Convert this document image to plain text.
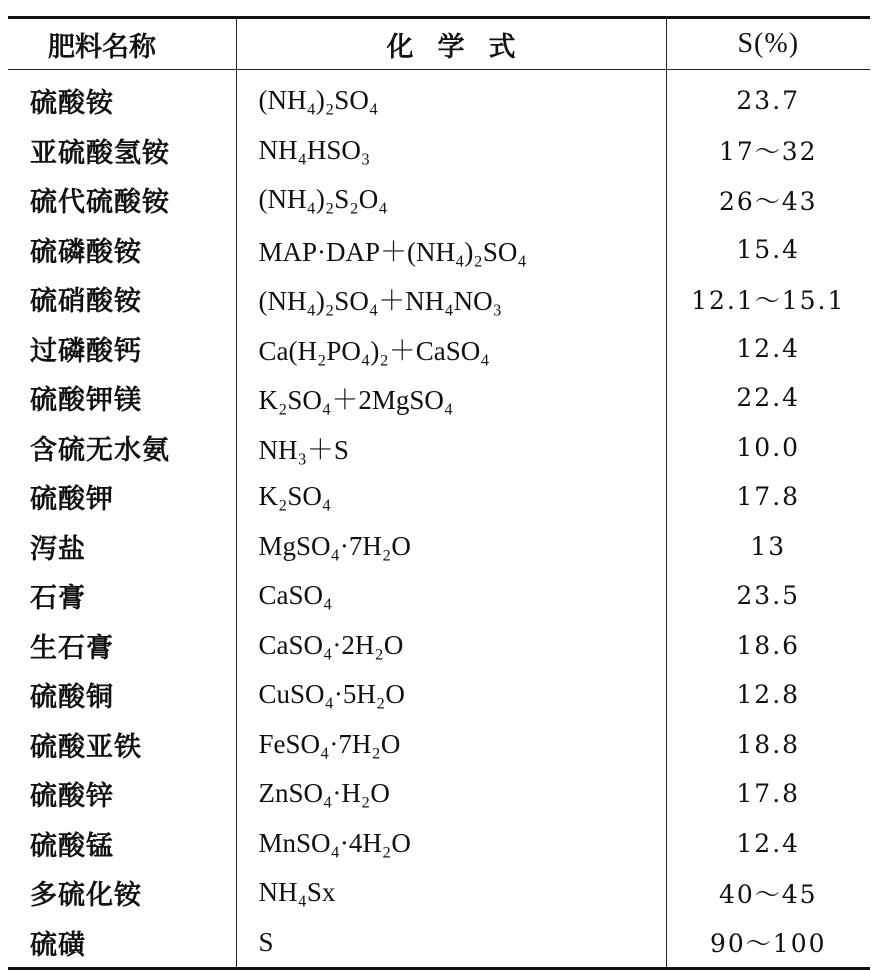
肥料名称	化学式	S(%)
硫酸铵	(NH₄)₂SO₄	23.7
亚硫酸氢铵	NH₄HSO₃	17～32
硫代硫酸铵	(NH₄)₂S₂O₄	26～43
硫磷酸铵	MAP·DAP＋(NH₄)₂SO₄	15.4
硫硝酸铵	(NH₄)₂SO₄＋NH₄NO₃	12.1～15.1
过磷酸钙	Ca(H₂PO₄)₂＋CaSO₄	12.4
硫酸钾镁	K₂SO₄＋2MgSO₄	22.4
含硫无水氨	NH₃＋S	10.0
硫酸钾	K₂SO₄	17.8
泻盐	MgSO₄·7H₂O	13
石膏	CaSO₄	23.5
生石膏	CaSO₄·2H₂O	18.6
硫酸铜	CuSO₄·5H₂O	12.8
硫酸亚铁	FeSO₄·7H₂O	18.8
硫酸锌	ZnSO₄·H₂O	17.8
硫酸锰	MnSO₄·4H₂O	12.4
多硫化铵	NH₄Sx	40～45
硫磺	S	90～100
